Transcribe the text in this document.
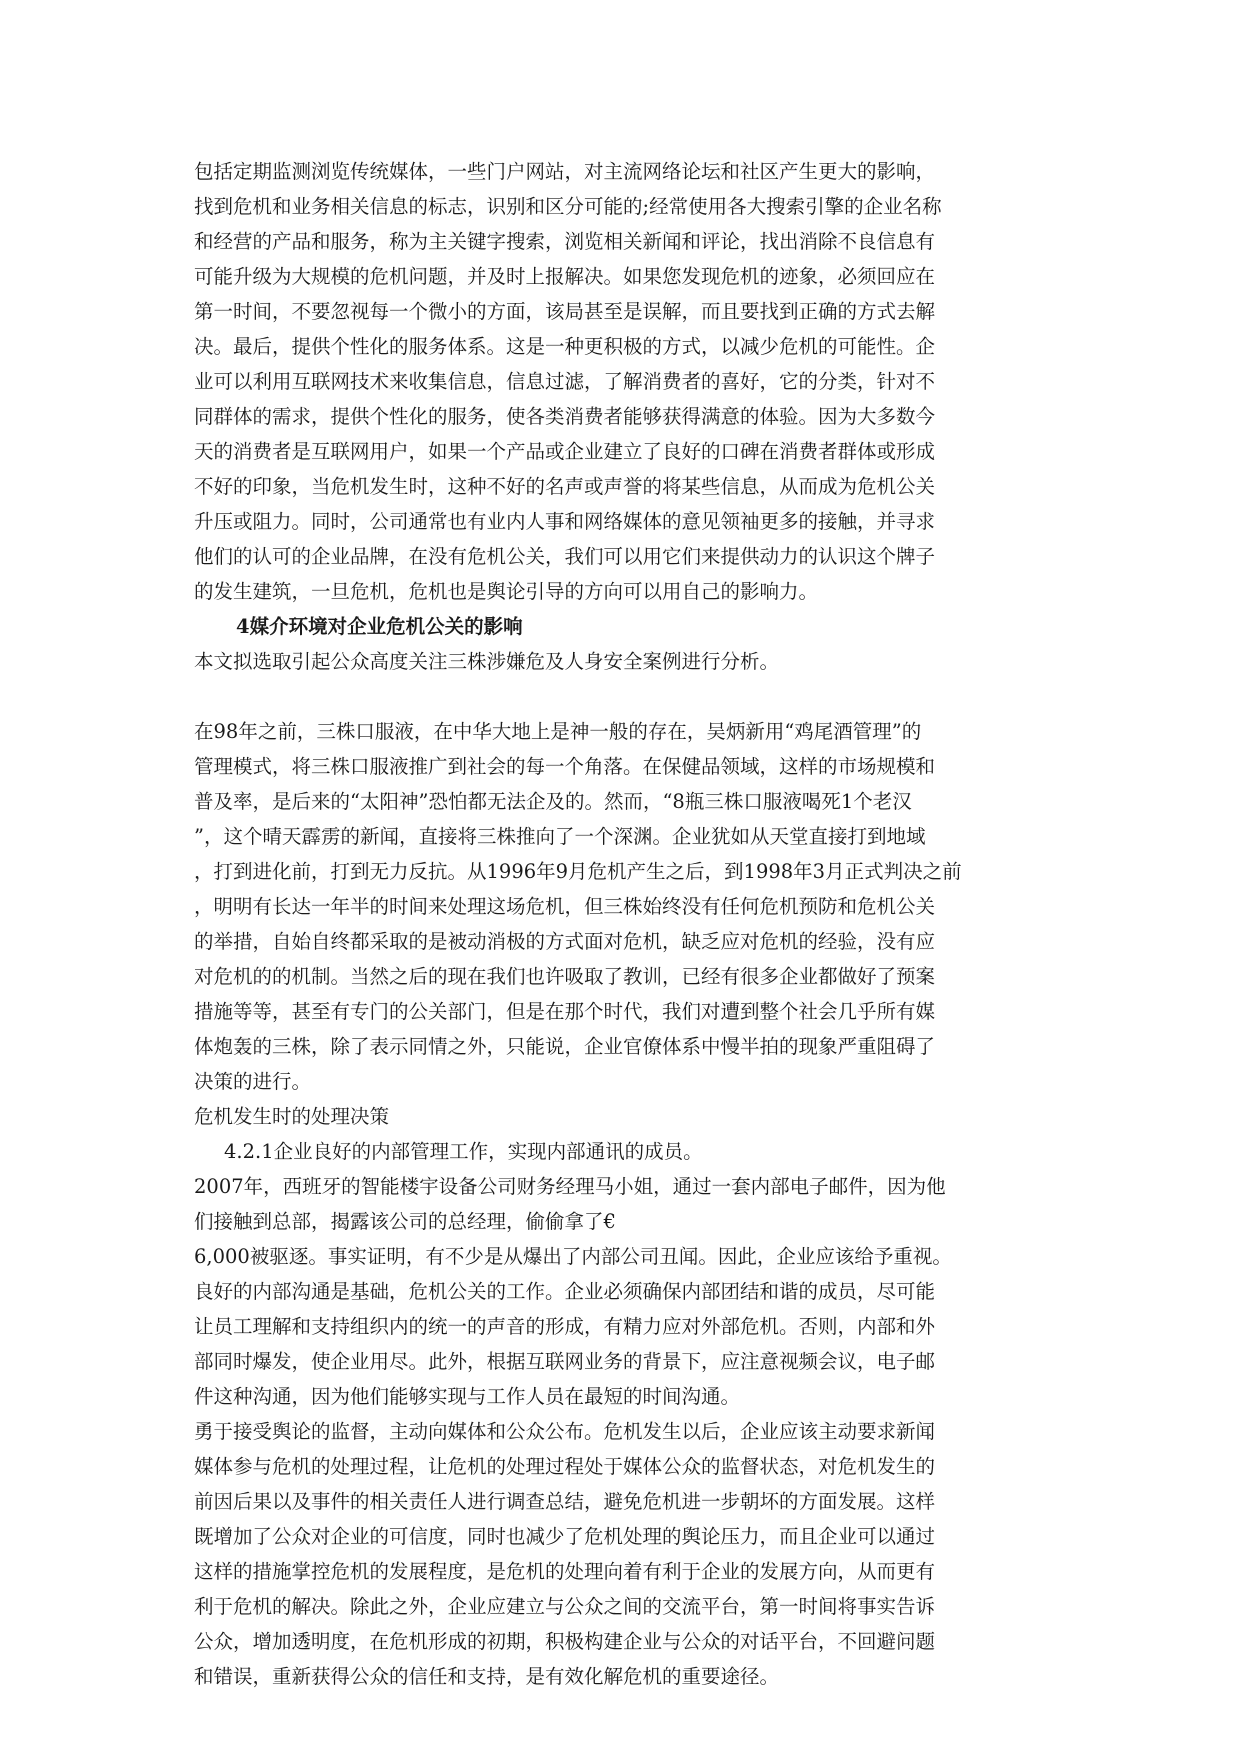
包括定期监测浏览传统媒体，一些门户网站，对主流网络论坛和社区产生更大的影响，
找到危机和业务相关信息的标志，识别和区分可能的;经常使用各大搜索引擎的企业名称
和经营的产品和服务，称为主关键字搜索，浏览相关新闻和评论，找出消除不良信息有
可能升级为大规模的危机问题，并及时上报解决。如果您发现危机的迹象，必须回应在
第一时间，不要忽视每一个微小的方面，该局甚至是误解，而且要找到正确的方式去解
决。最后，提供个性化的服务体系。这是一种更积极的方式，以减少危机的可能性。企
业可以利用互联网技术来收集信息，信息过滤，了解消费者的喜好，它的分类，针对不
同群体的需求，提供个性化的服务，使各类消费者能够获得满意的体验。因为大多数今
天的消费者是互联网用户，如果一个产品或企业建立了良好的口碑在消费者群体或形成
不好的印象，当危机发生时，这种不好的名声或声誉的将某些信息，从而成为危机公关
升压或阻力。同时，公司通常也有业内人事和网络媒体的意见领袖更多的接触，并寻求
他们的认可的企业品牌，在没有危机公关，我们可以用它们来提供动力的认识这个牌子
的发生建筑，一旦危机，危机也是舆论引导的方向可以用自己的影响力。
4媒介环境对企业危机公关的影响
本文拟选取引起公众高度关注三株涉嫌危及人身安全案例进行分析。
在98年之前，三株口服液，在中华大地上是神一般的存在，吴炳新用“鸡尾酒管理”的
管理模式，将三株口服液推广到社会的每一个角落。在保健品领域，这样的市场规模和
普及率，是后来的“太阳神”恐怕都无法企及的。然而，“8瓶三株口服液喝死1个老汉
”，这个晴天霹雳的新闻，直接将三株推向了一个深渊。企业犹如从天堂直接打到地域
，打到进化前，打到无力反抗。从1996年9月危机产生之后，到1998年3月正式判决之前
，明明有长达一年半的时间来处理这场危机，但三株始终没有任何危机预防和危机公关
的举措，自始自终都采取的是被动消极的方式面对危机，缺乏应对危机的经验，没有应
对危机的的机制。当然之后的现在我们也许吸取了教训，已经有很多企业都做好了预案
措施等等，甚至有专门的公关部门，但是在那个时代，我们对遭到整个社会几乎所有媒
体炮轰的三株，除了表示同情之外，只能说，企业官僚体系中慢半拍的现象严重阻碍了
决策的进行。
危机发生时的处理决策
4.2.1企业良好的内部管理工作，实现内部通讯的成员。
2007年，西班牙的智能楼宇设备公司财务经理马小姐，通过一套内部电子邮件，因为他
们接触到总部，揭露该公司的总经理，偷偷拿了€
6,000被驱逐。事实证明，有不少是从爆出了内部公司丑闻。因此，企业应该给予重视。
良好的内部沟通是基础，危机公关的工作。企业必须确保内部团结和谐的成员，尽可能
让员工理解和支持组织内的统一的声音的形成，有精力应对外部危机。否则，内部和外
部同时爆发，使企业用尽。此外，根据互联网业务的背景下，应注意视频会议，电子邮
件这种沟通，因为他们能够实现与工作人员在最短的时间沟通。
勇于接受舆论的监督，主动向媒体和公众公布。危机发生以后，企业应该主动要求新闻
媒体参与危机的处理过程，让危机的处理过程处于媒体公众的监督状态，对危机发生的
前因后果以及事件的相关责任人进行调查总结，避免危机进一步朝坏的方面发展。这样
既增加了公众对企业的可信度，同时也减少了危机处理的舆论压力，而且企业可以通过
这样的措施掌控危机的发展程度，是危机的处理向着有利于企业的发展方向，从而更有
利于危机的解决。除此之外，企业应建立与公众之间的交流平台，第一时间将事实告诉
公众，增加透明度，在危机形成的初期，积极构建企业与公众的对话平台，不回避问题
和错误，重新获得公众的信任和支持，是有效化解危机的重要途径。
